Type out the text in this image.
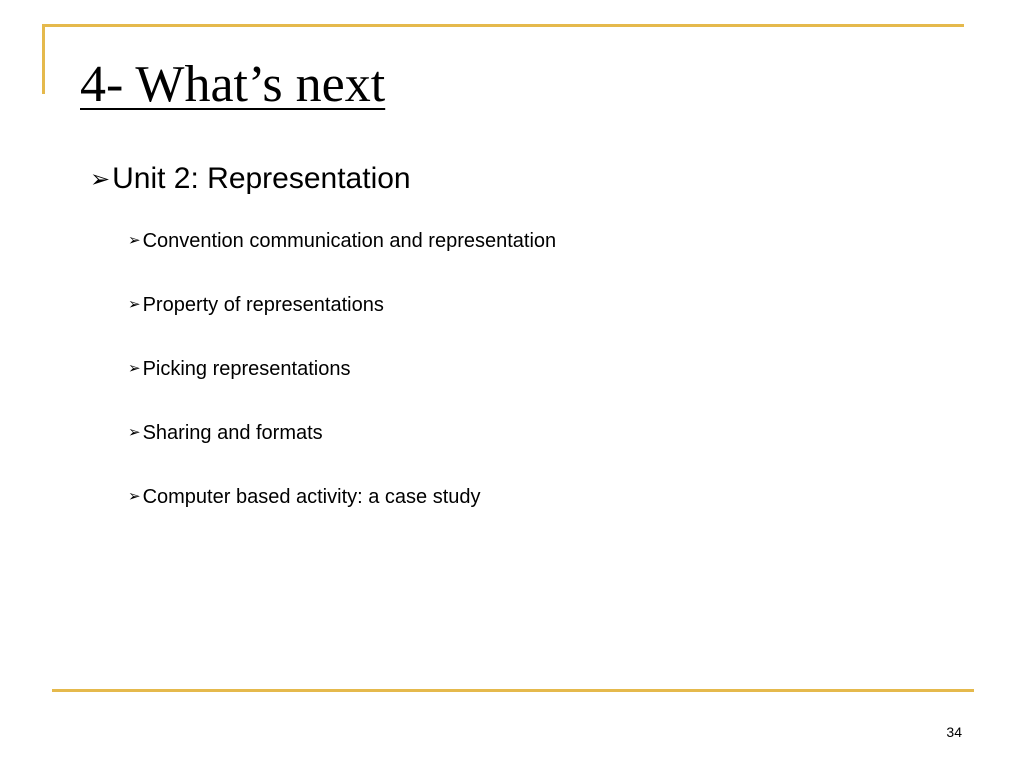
4- What’s next
➢ Unit 2: Representation
➢ Convention communication and representation
➢ Property of representations
➢ Picking representations
➢ Sharing and formats
➢ Computer based activity: a case study
34
